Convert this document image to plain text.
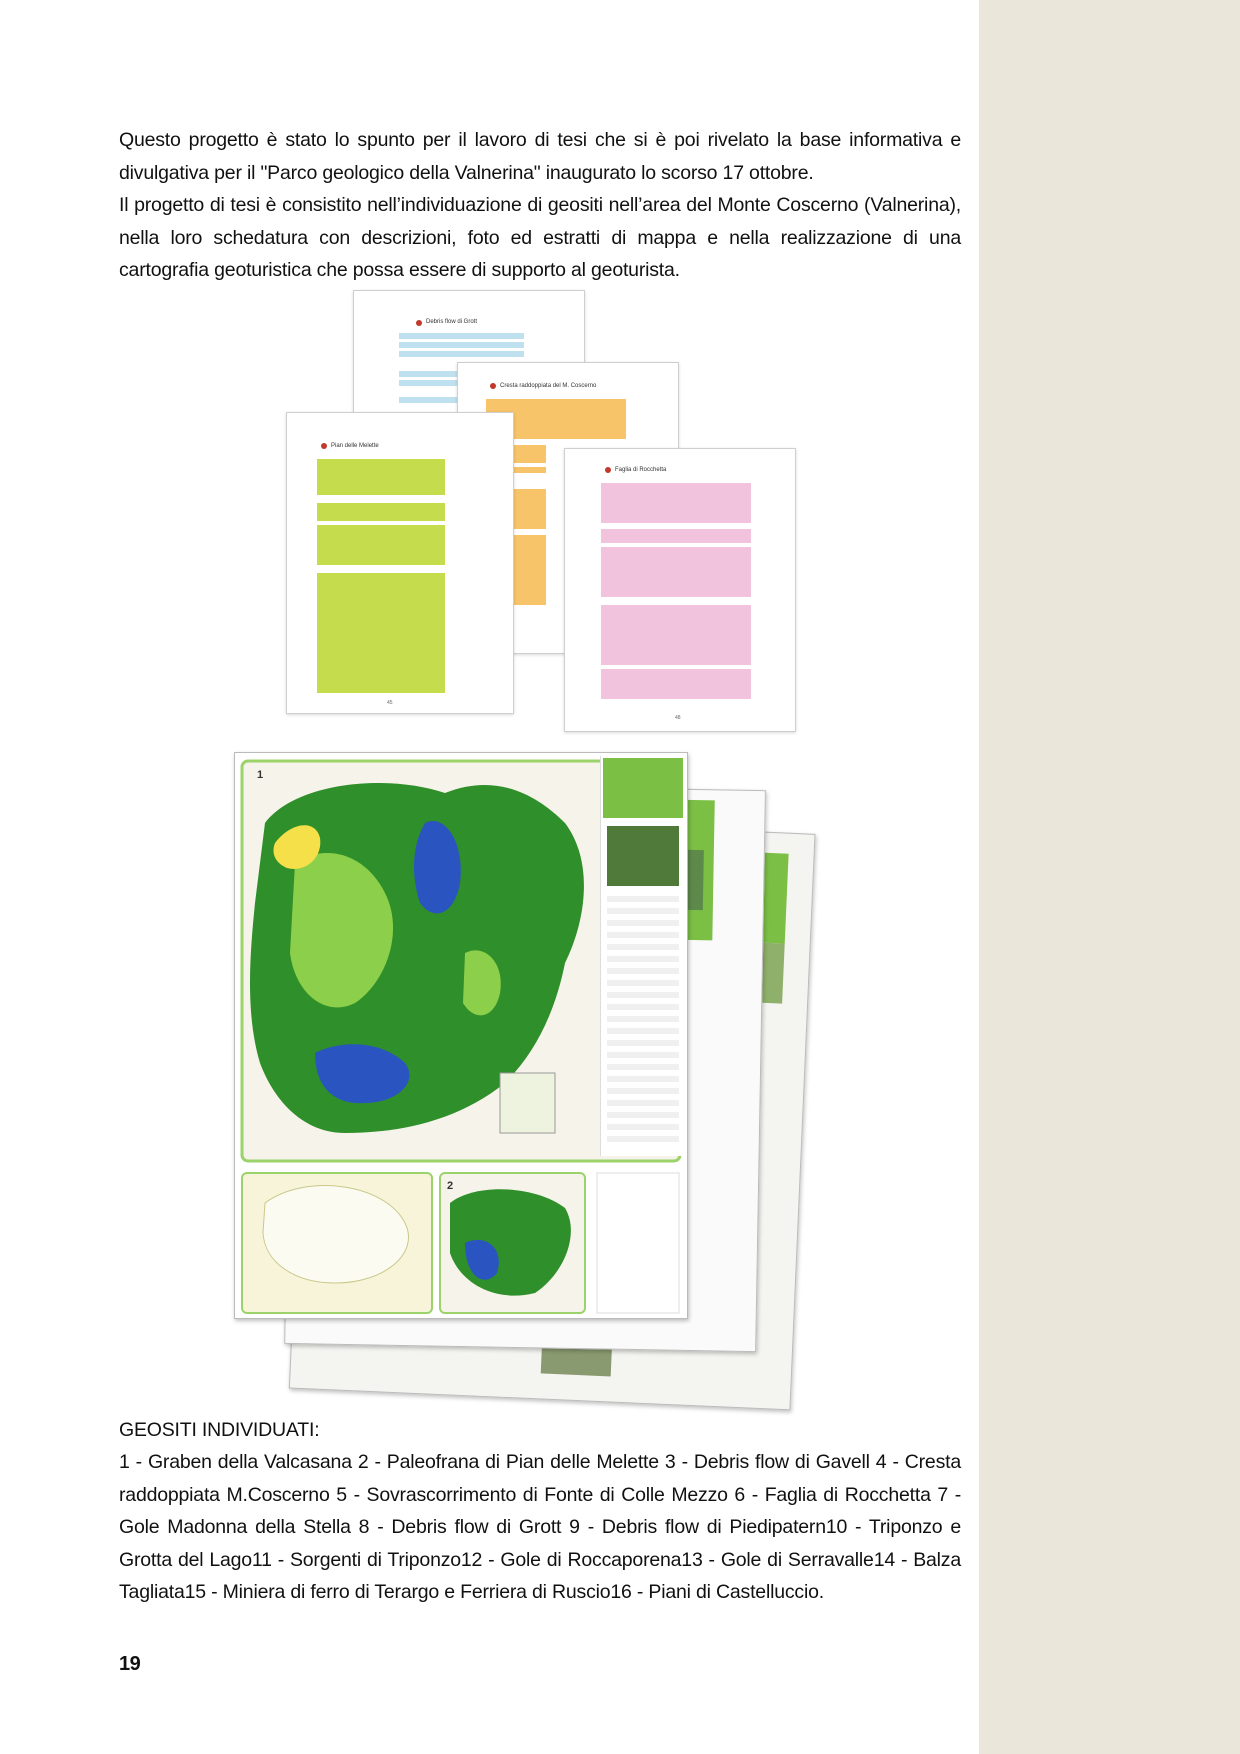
Questo progetto è stato lo spunto per il lavoro di tesi che si è poi rivelato la base informativa e divulgativa per il "Parco geologico della Valnerina" inaugurato lo scorso 17 ottobre.

Il progetto di tesi è consistito nell’individuazione di geositi nell’area del Monte Coscerno (Valnerina), nella loro schedatura con descrizioni, foto ed estratti di mappa e nella realizzazione di una cartografia geoturistica che possa essere di supporto al geoturista.

Debris flow di Grott
Cresta raddoppiata del M. Coscerno
Pian delle Melette
45
Faglia di Rocchetta
48
1
2
GEOSITI INDIVIDUATI:
1 - Graben della Valcasana 2 - Paleofrana di Pian delle Melette 3 - Debris flow di Gavell 4 - Cresta raddoppiata M.Coscerno 5 - Sovrascorrimento di Fonte di Colle Mezzo 6 - Faglia di Rocchetta 7 - Gole Madonna della Stella 8 - Debris flow di Grott 9 - Debris flow di Piedipatern10 - Triponzo e Grotta del Lago11 - Sorgenti di Triponzo12 - Gole di Roccaporena13 - Gole di Serravalle14 - Balza Tagliata15 - Miniera di ferro di Terargo e Ferriera di Ruscio16 - Piani di Castelluccio.
19
